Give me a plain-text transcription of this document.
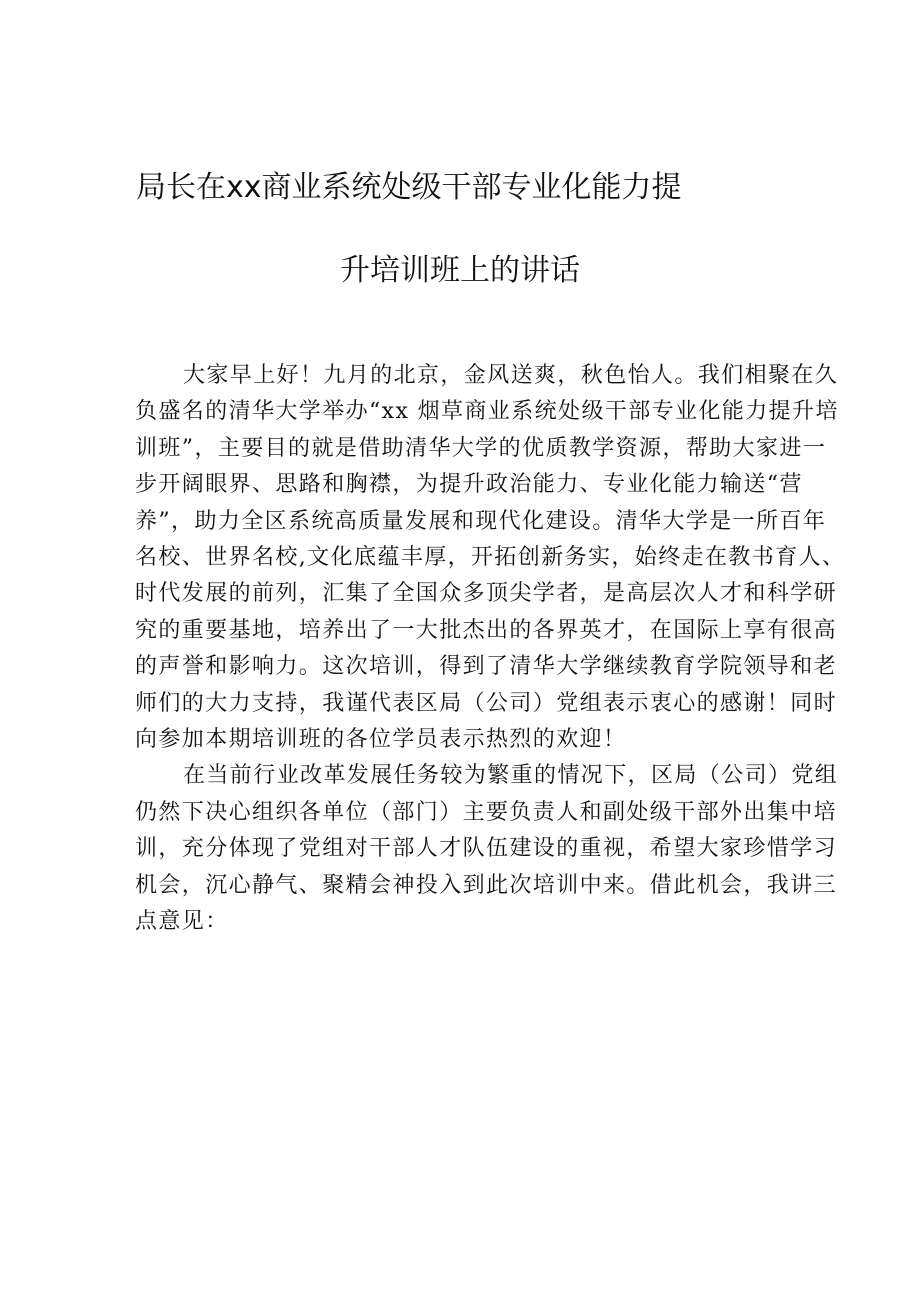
局长在xx商业系统处级干部专业化能力提
升培训班上的讲话
大家早上好！九月的北京，金风送爽，秋色怡人。我们相聚在久
负盛名的清华大学举办“xx 烟草商业系统处级干部专业化能力提升培
训班”，主要目的就是借助清华大学的优质教学资源，帮助大家进一
步开阔眼界、思路和胸襟，为提升政治能力、专业化能力输送“营
养”，助力全区系统高质量发展和现代化建设。清华大学是一所百年
名校、世界名校,文化底蕴丰厚，开拓创新务实，始终走在教书育人、
时代发展的前列，汇集了全国众多顶尖学者，是高层次人才和科学研
究的重要基地，培养出了一大批杰出的各界英才，在国际上享有很高
的声誉和影响力。这次培训，得到了清华大学继续教育学院领导和老
师们的大力支持，我谨代表区局（公司）党组表示衷心的感谢！同时
向参加本期培训班的各位学员表示热烈的欢迎！
在当前行业改革发展任务较为繁重的情况下，区局（公司）党组
仍然下决心组织各单位（部门）主要负责人和副处级干部外出集中培
训，充分体现了党组对干部人才队伍建设的重视，希望大家珍惜学习
机会，沉心静气、聚精会神投入到此次培训中来。借此机会，我讲三
点意见：
